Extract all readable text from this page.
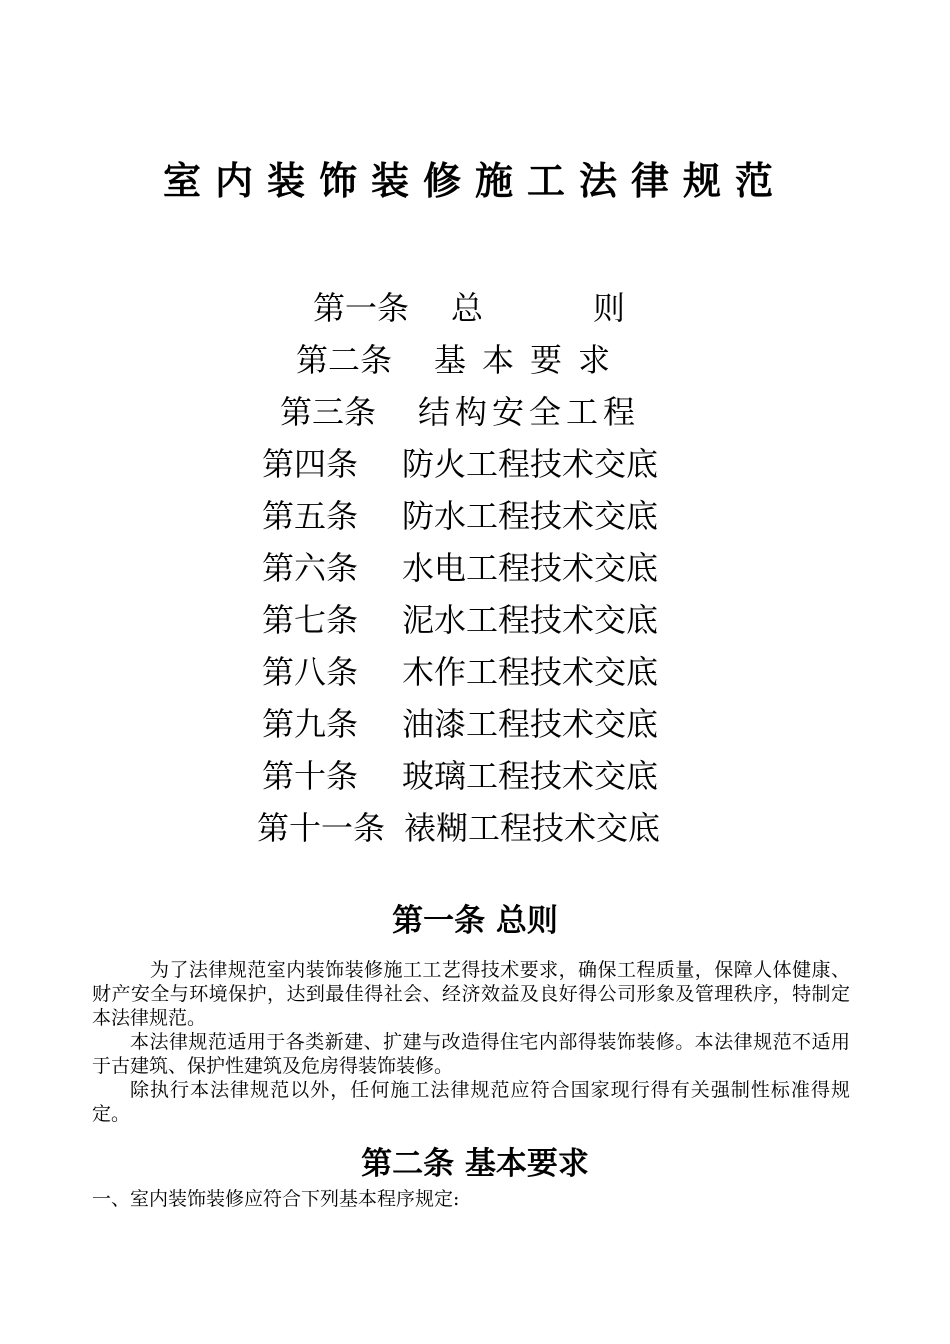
室内装饰装修施工法律规范
第一条 总则
第二条 基本要求
第三条 结构安全工程
第四条 防火工程技术交底
第五条 防水工程技术交底
第六条 水电工程技术交底
第七条 泥水工程技术交底
第八条 木作工程技术交底
第九条 油漆工程技术交底
第十条 玻璃工程技术交底
第十一条 裱糊工程技术交底
第一条 总则

为了法律规范室内装饰装修施工工艺得技术要求，确保工程质量，保障人体健康、财产安全与环境保护，达到最佳得社会、经济效益及良好得公司形象及管理秩序，特制定本法律规范。

本法律规范适用于各类新建、扩建与改造得住宅内部得装饰装修。本法律规范不适用于古建筑、保护性建筑及危房得装饰装修。

除执行本法律规范以外，任何施工法律规范应符合国家现行得有关强制性标准得规定。

第二条 基本要求

一、室内装饰装修应符合下列基本程序规定:
